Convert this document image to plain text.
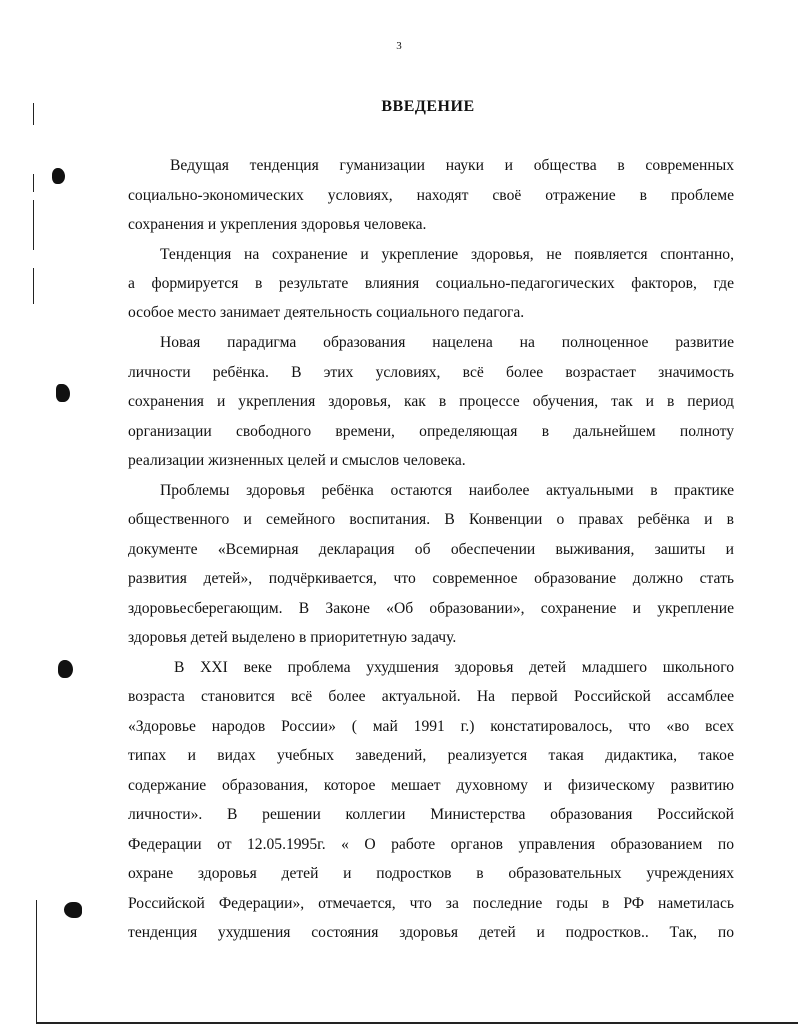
3
ВВЕДЕНИЕ
Ведущая тенденция гуманизации науки и общества в современных
социально-экономических условиях, находят своё отражение в проблеме
сохранения и укрепления здоровья человека.
Тенденция на сохранение и укрепление здоровья, не появляется спонтанно,
а формируется в результате влияния социально-педагогических факторов, где
особое место занимает деятельность социального педагога.
Новая парадигма образования нацелена на полноценное развитие
личности ребёнка. В этих условиях, всё более возрастает значимость
сохранения и укрепления здоровья, как в процессе обучения, так и в период
организации свободного времени, определяющая в дальнейшем полноту
реализации жизненных целей и смыслов человека.
Проблемы здоровья ребёнка остаются наиболее актуальными в практике
общественного и семейного воспитания. В Конвенции о правах ребёнка и в
документе «Всемирная декларация об обеспечении выживания, зашиты и
развития детей», подчёркивается, что современное образование должно стать
здоровьесберегающим. В Законе «Об образовании», сохранение и укрепление
здоровья детей выделено в приоритетную задачу.
В XXI веке проблема ухудшения здоровья детей младшего школьного
возраста становится всё более актуальной. На первой Российской ассамблее
«Здоровье народов России» ( май 1991 г.) констатировалось, что «во всех
типах и видах учебных заведений, реализуется такая дидактика, такое
содержание образования, которое мешает духовному и физическому развитию
личности». В решении коллегии Министерства образования Российской
Федерации от 12.05.1995г. « О работе органов управления образованием по
охране здоровья детей и подростков в образовательных учреждениях
Российской Федерации», отмечается, что за последние годы в РФ наметилась
тенденция ухудшения состояния здоровья детей и подростков.. Так, по
